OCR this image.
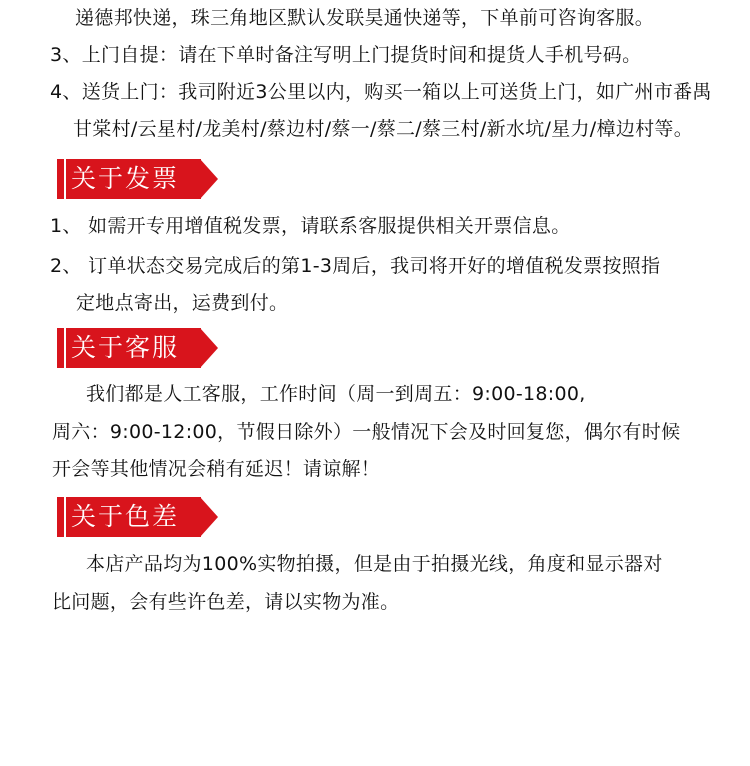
递德邦快递，珠三角地区默认发联昊通快递等，下单前可咨询客服。
3、上门自提：请在下单时备注写明上门提货时间和提货人手机号码。
4、送货上门：我司附近3公里以内，购买一箱以上可送货上门，如广州市番禺
甘棠村/云星村/龙美村/蔡边村/蔡一/蔡二/蔡三村/新水坑/星力/樟边村等。
关于发票
1、 如需开专用增值税发票，请联系客服提供相关开票信息。
2、 订单状态交易完成后的第1-3周后，我司将开好的增值税发票按照指
定地点寄出，运费到付。
关于客服
我们都是人工客服，工作时间（周一到周五：9:00-18:00,
周六：9:00-12:00，节假日除外）一般情况下会及时回复您，偶尔有时候
开会等其他情况会稍有延迟！请谅解！
关于色差
本店产品均为100%实物拍摄，但是由于拍摄光线，角度和显示器对
比问题，会有些许色差，请以实物为准。
